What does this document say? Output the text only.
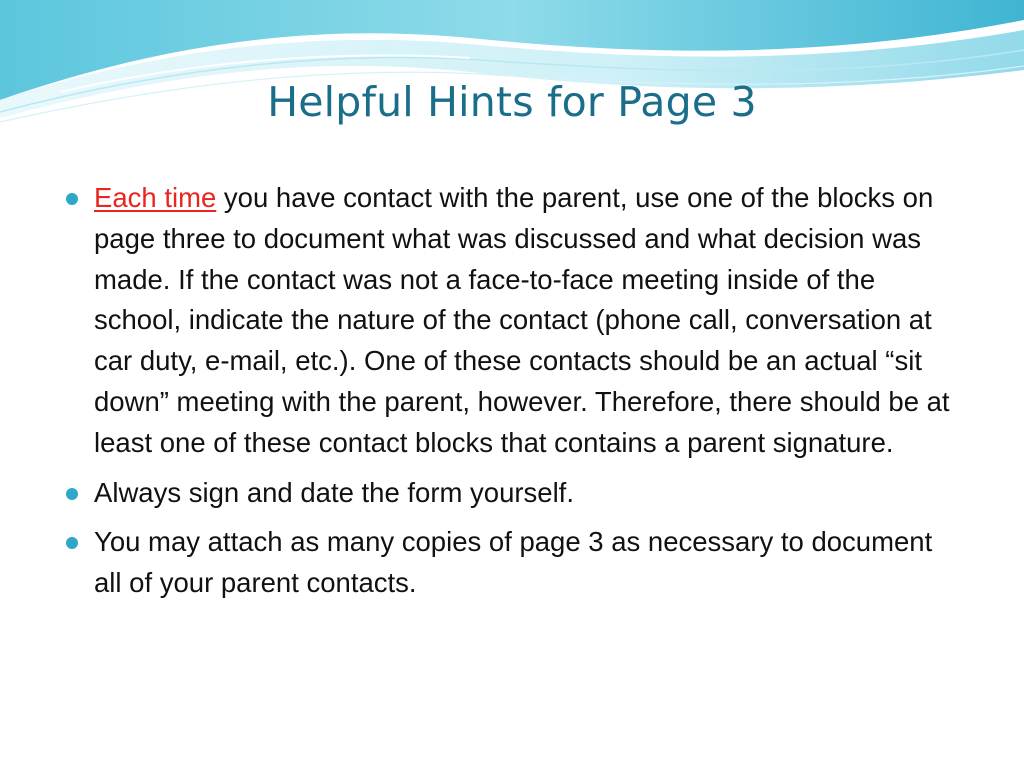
Helpful Hints for Page 3
Each time you have contact with the parent, use one of the blocks on page three to document what was discussed and what decision was made. If the contact was not a face-to-face meeting inside of the school, indicate the nature of the contact (phone call, conversation at car duty, e-mail, etc.). One of these contacts should be an actual “sit down” meeting with the parent, however. Therefore, there should be at least one of these contact blocks that contains a parent signature.
Always sign and date the form yourself.
You may attach as many copies of page 3 as necessary to document all of your parent contacts.
